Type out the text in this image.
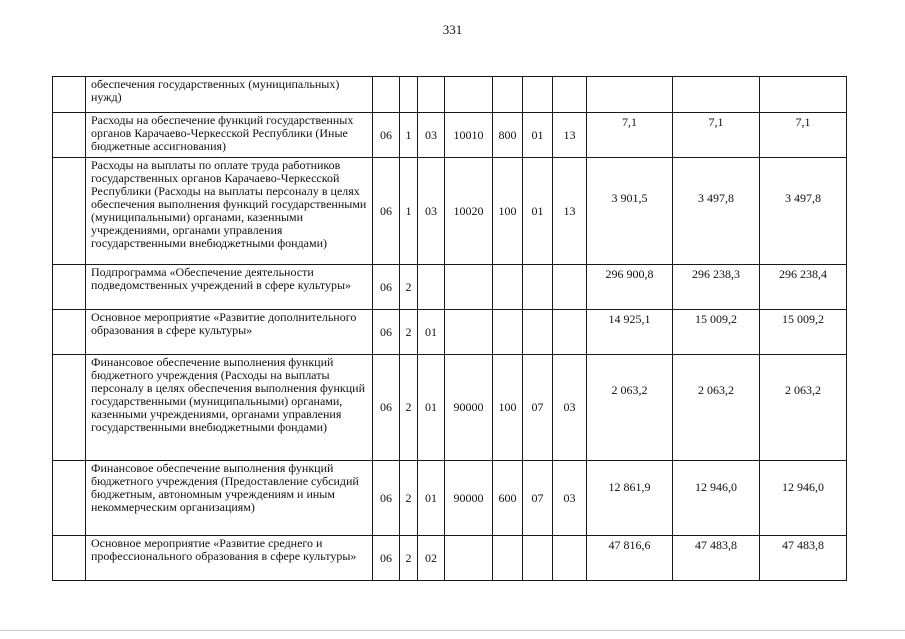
331
	обеспечения государственных (муниципальных) нужд)										
	Расходы на обеспечение функций государственных органов Карачаево-Черкесской Республики (Иные бюджетные ассигнования)	06	1	03	10010	800	01	13	7,1	7,1	7,1
	Расходы на выплаты по оплате труда работников государственных органов Карачаево-Черкесской Республики (Расходы на выплаты персоналу в целях обеспечения выполнения функций государственными (муниципальными) органами, казенными учреждениями, органами управления государственными внебюджетными фондами)	06	1	03	10020	100	01	13	3 901,5	3 497,8	3 497,8
	Подпрограмма «Обеспечение деятельности подведомственных учреждений в сфере культуры»	06	2						296 900,8	296 238,3	296 238,4
	Основное мероприятие «Развитие дополнительного образования в сфере культуры»	06	2	01					14 925,1	15 009,2	15 009,2
	Финансовое обеспечение выполнения функций бюджетного учреждения (Расходы на выплаты персоналу в целях обеспечения выполнения функций государственными (муниципальными) органами, казенными учреждениями, органами управления государственными внебюджетными фондами)	06	2	01	90000	100	07	03	2 063,2	2 063,2	2 063,2
	Финансовое обеспечение выполнения функций бюджетного учреждения (Предоставление субсидий бюджетным, автономным учреждениям и иным некоммерческим организациям)	06	2	01	90000	600	07	03	12 861,9	12 946,0	12 946,0
	Основное мероприятие «Развитие среднего и профессионального образования в сфере культуры»	06	2	02					47 816,6	47 483,8	47 483,8
